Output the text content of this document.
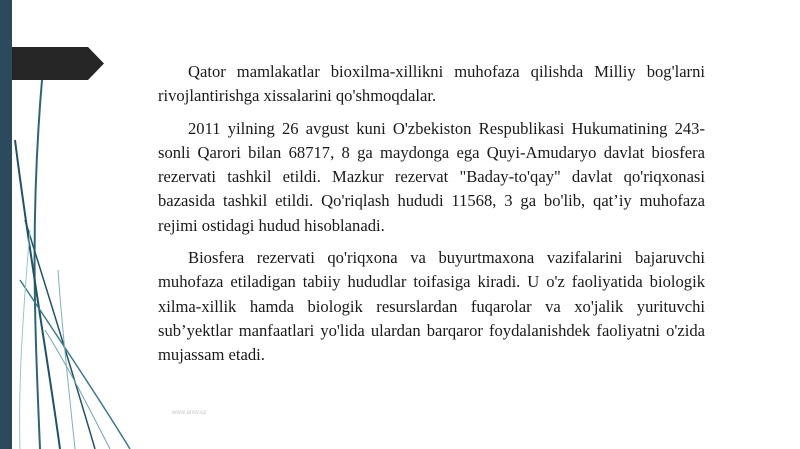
Qator mamlakatlar bioxilma-xillikni muhofaza qilishda Milliy bog'larni rivojlantirishga xissalarini qo'shmoqdalar.

2011 yilning 26 avgust kuni O'zbekiston Respublikasi Hukumatining 243-sonli Qarori bilan 68717, 8 ga maydonga ega Quyi-Amudaryo davlat biosfera rezervati tashkil etildi. Mazkur rezervat "Baday-to'qay" davlat qo'riqxonasi bazasida tashkil etildi. Qo'riqlash hududi 11568, 3 ga bo'lib, qat’iy muhofaza rejimi ostidagi hudud hisoblanadi.

Biosfera rezervati qo'riqxona va buyurtmaxona vazifalarini bajaruvchi muhofaza etiladigan tabiiy hududlar toifasiga kiradi. U o'z faoliyatida biologik xilma-xillik hamda biologik resurslardan fuqarolar va xo'jalik yurituvchi sub’yektlar manfaatlari yo'lida ulardan barqaror foydalanishdek faoliyatni o'zida mujassam etadi.

www.arxiv.uz
